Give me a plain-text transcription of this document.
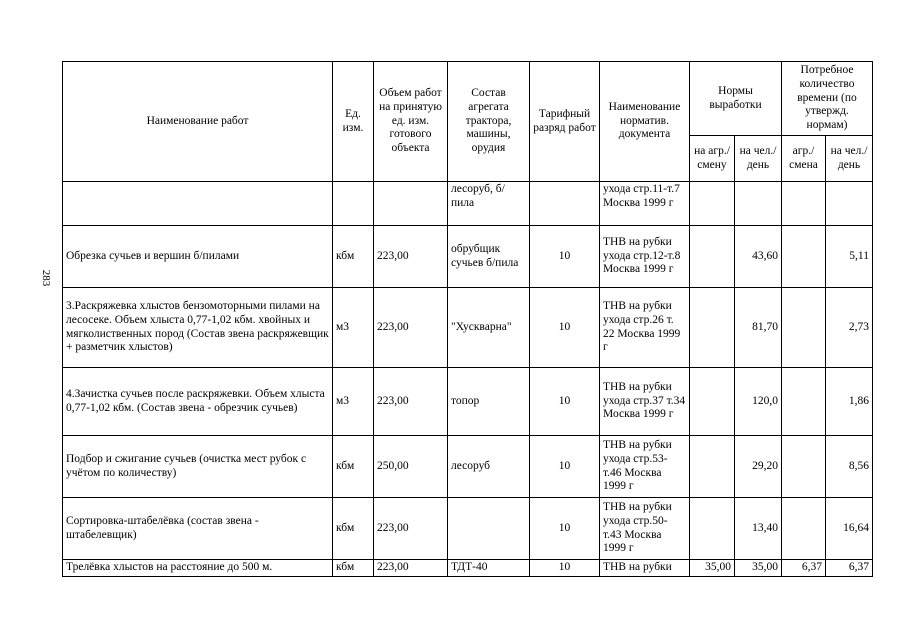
283
Наименование работ	Ед. изм.	Объем работ на принятую ед. изм. готового объекта	Состав агрегата трактора, машины, орудия	Тарифный разряд работ	Наименование норматив. документа	Нормы выработки		Потребное количество времени (по утвержд. нормам)	
						на агр./ смену	на чел./ день	агр./ смена	на чел./ день
			лесоруб, б/пила		ухода стр.11-т.7 Москва 1999 г				
Обрезка сучьев и вершин б/пилами	кбм	223,00	обрубщик сучьев б/пила	10	ТНВ на рубки ухода стр.12-т.8 Москва 1999 г		43,60		5,11
3.Раскряжевка хлыстов бензомоторными пилами на лесосеке. Объем хлыста 0,77-1,02 кбм. хвойных и мягколиственных пород (Состав звена раскряжевщик + разметчик хлыстов)	м3	223,00	"Хускварна"	10	ТНВ на рубки ухода стр.26 т. 22 Москва 1999 г		81,70		2,73
4.Зачистка сучьев после раскряжевки. Объем хлыста 0,77-1,02 кбм. (Состав звена - обрезчик сучьев)	м3	223,00	топор	10	ТНВ на рубки ухода стр.37 т.34 Москва 1999 г		120,0		1,86
Подбор и сжигание сучьев (очистка мест рубок с учётом по количеству)	кбм	250,00	лесоруб	10	ТНВ на рубки ухода стр.53-т.46 Москва 1999 г		29,20		8,56
Сортировка-штабелёвка (состав звена - штабелевщик)	кбм	223,00		10	ТНВ на рубки ухода стр.50-т.43 Москва 1999 г		13,40		16,64
Трелёвка хлыстов на расстояние до 500 м.	кбм	223,00	ТДТ-40	10	ТНВ на рубки	35,00	35,00	6,37	6,37
